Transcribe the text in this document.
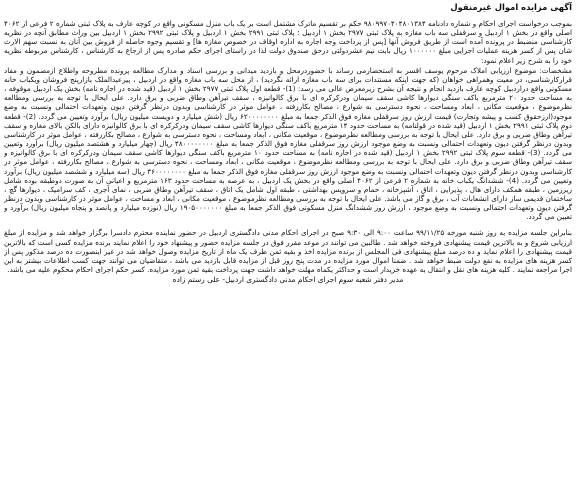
آگهی مزایده اموال غیرمنقول

بموجب درخواست اجرای احکام و شماره دادنامه ۹۸۰۹۹۷۰۴۰۴۸۰۱۳۸۴ حکم بر تقسیم ماترک مشتمل است بر یک باب منزل مسکونی واقع در کوچه عارف به پلاک ثبتی شماره ۲ فرعی از ۴۰۶۲ اصلی واقع در بخش ۱ اردبیل و سرقفلی سه باب مغازه به پلاک ثبتی ۲۹۷۷ بخش ۱ اردبیل ؛ پلاک ثبتی ۲۹۹۱ بخش ۱ اردبیل و پلاک ثبتی ۲۹۹۲ بخش ۱ اردبیل بین وراث مطابق آنچه در نظریه کارشناسی منضبط در پرونده آمده است از طریق فروش آنها [پس از پرداخت وجه اجاره به اداره اوقاف در خصوص مغازه ها] و تقسیم وجوه حاصله از فروش بین آنان به نسبت سهم الارث شان پس از کسر هزینه عملیات اجرایی مبلغ ۱۰۰۰۰۰۰ ریال بابت نیم عشردولتی درحق صندوق دولت لذا در راستای اجرای حکم صادره پس از ارجاع به کارشناس ، کارشناس مربوطه نظریه خود را به شرح زیر اعلام نمود:

مشخصات: موضوع ارزیابی املاک مرحوم یوسف اقسر به استحضارمی رساند با حضوردرمحل و بازدید میدانی و بررسی اسناد و مدارک مطالعه پرونده مطروحه واطلاع ازمضمون و مفاد قرارکارشناسی، در معیت وهمراهی خواهان (که جهت اینکه مستندات برای سه باب مغازه ارائه نگردید) ، از محل سه باب مغازه واقع در اردبیل ، پیرعبدالملک بازارپنج فروشان ویکباب خانه مسکونی واقع دراردبیل کوچه عارف بازدید انجام و نتیجه آن بشرح زیرمعرض عالی می رسد: (1)- قطعه اول پلاک ثبتی ۲۹۷۷ بخش ۱ اردبیل (قید شده در اجاره نامه) بخش یک اردبیل موقوفه ، به مساحت حدود ۲۰ مترمربع باکف سنگی دیوارها کاشی سقف سیمان ودرکرکره ای با برق کالوانیزه ، سقف تیرآهن وطاق ضربی و برق دارد. علی ایحال با توجه به بررسی ومطالعه نظرموضوع ، موقعیت مکانی ، ابعاد ومساحت ، نحوه دسترسی به شوارع ، مصالح بکاررفته ، عوامل موثر در کارشناسی وبدون درنظر گرفتن دیون وتعهدات احتمالی ونسبت به وضع موجود(ارزحقوق کسب و پیشه وتجارت) قیمت ارزش روز سرقفلی مغازه فوق الذکر جمعا به مبلغ ۶۲۰۰۰۰۰۰۰۰ ریال (شش میلیارد و دویست میلیون ریال) برآورد وتعیین می گردد. (2)- قطعه دوم پلاک ثبتی ۲۹۹۱ بخش ۱ اردبیل (قید شده در قولنامه) به مساحت حدود ۱۴ مترمربع باکف سنگی دیوارها کاشی سقف سیمان ودرکرکره ای با برق کالوانیزه دارای بالکن بالای مغازه و سقف تیرآهن وطاق ضربی و برق دارد. علی ایحال با توجه به بررسی ومطالعه نظرموضوع ، موقعیت مکانی ، ابعاد ومساحت ، نحوه دسترسی به شوارع ، مصالح بکاررفته ، عوامل موثر در کارشناسی وبدون درنظر گرفتن دیون وتعهدات احتمالی ونسبت به وضع موجود ارزش روز سرقفلی مغازه فوق الذکر جمعا به مبلغ ۴۸۰۰۰۰۰۰۰۰ ریال (چهار میلیارد و هشتصد میلیون ریال) برآورد وتعیین می گردد. (3)- قطعه سوم پلاک ثبتی ۲۹۹۲ بخش ۱ اردبیل (قید شده در اجاره نامه) به مساحت حدود ۱۰ مترمربع باکف سنگی دیوارها کاشی سقف سیمان ودرکرکره ای با برق کالوانیزه و سقف تیرآهن وطاق ضربی و برق دارد. علی ایحال با توجه به بررسی ومطالعه نظرموضوع ، موقعیت مکانی ، ابعاد ومساحت ، نحوه دسترسی به شوارع ، مصالح بکاررفته ، عوامل موثر در کارشناسی وبدون درنظر گرفتن دیون وتعهدات احتمالی ونسبت به وضع موجود ارزش روز سرقفلی مغازه فوق الذکر جمعا به مبلغ ۳۶۰۰۰۰۰۰۰۰ ریال (سه میلیارد و ششصد میلیون ریال) برآورد وتعیین می گردد. (4)- ششدانگ یکباب خانه به شماره ۲ فرعی از ۴۰۶۲ اصلی واقع در بخش یک اردبیل ، به عرصه به مساحت حدود ۱۶۳ مترمربع و اعیانی آن به صورت دوطبقه بوده شامل زیرزمین ، طبقه همکف دارای هال ، پذیرایی ، اتاق ، آشپزخانه ، حمام و سرویس بهداشتی ، طبقه اول شامل یک اتاق ، سقف تیرآهن وطاق ضربی ، نمای آجری ، کف سرامیک ، دیوارها گچ ، ساختمان قدیمی ساز دارای انشعابات آب ، برق و گاز می باشد. علی ایحال با توجه به بررسی ومطالعه نظرموضوع ، موقعیت مکانی ، ابعاد و مساحت ، عوامل موثر در کارشناسی وبدون درنظر گرفتن دیون وتعهدات احتمالی ونسبت به وضع موجود ، ارزش روز ششدانگ منزل مسکونی فوق الذکر جمعا به مبلغ ۱۹۰۵۰۰۰۰۰۰۰ ریال (نوزده میلیارد و پانصد و پنجاه میلیون ریال) برآورد و تعیین می گردد.

بنابراین جلسه مزایده به روز شنبه مورخه ۹۹/۱۱/۲۵ ساعت ۹:۰۰ الی ۹:۳۰ صبح در اجرای احکام مدنی دادگستری اردبیل در حضور نماینده محترم دادسرا برگزار خواهد شد و مزایده از مبلغ ارزیابی شروع و به بالاترین قیمت پیشنهادی فروخته خواهد شد . طالبین می توانند در موعد مقرر فوق در جلسه مزایده حضور و پیشنهاد خود را اعلام نمایند برنده مزایده کسی است که بالاترین قیمت پیشنهادی را اعلام نماید و ده درصد مبلغ پیشنهادی فی المجلس از برنده مزایده اخذ و بقیه ثمن ظرف یک ماه از تاریخ مزایده وصول خواهد شد در غیر اینصورت ده درصد مذکور پس از کسر هزینه های مزایده به نفع دولت ضبط خواهد شد . ضمنا اموال مورد مزایده در مدت پنج روز قبل از مزایده قابل بازدید می باشد ، متقاضیان می توانند جهت کسب اطلاعات بیشتر به این اجرا مراجعه نمایند . کلیه هزینه های نقل و انتقال به عهده خریدار است و حداکثر یکماه مهلت خواهد داشت جهت پرداخت بقیه ثمن مورد مزایده. کسر حکم اجرای احکام محکوم علیه می باشد.

مدیر دفتر شعبه سوم اجرای احکام مدنی دادگستری اردبیل- علی رستم زاده
